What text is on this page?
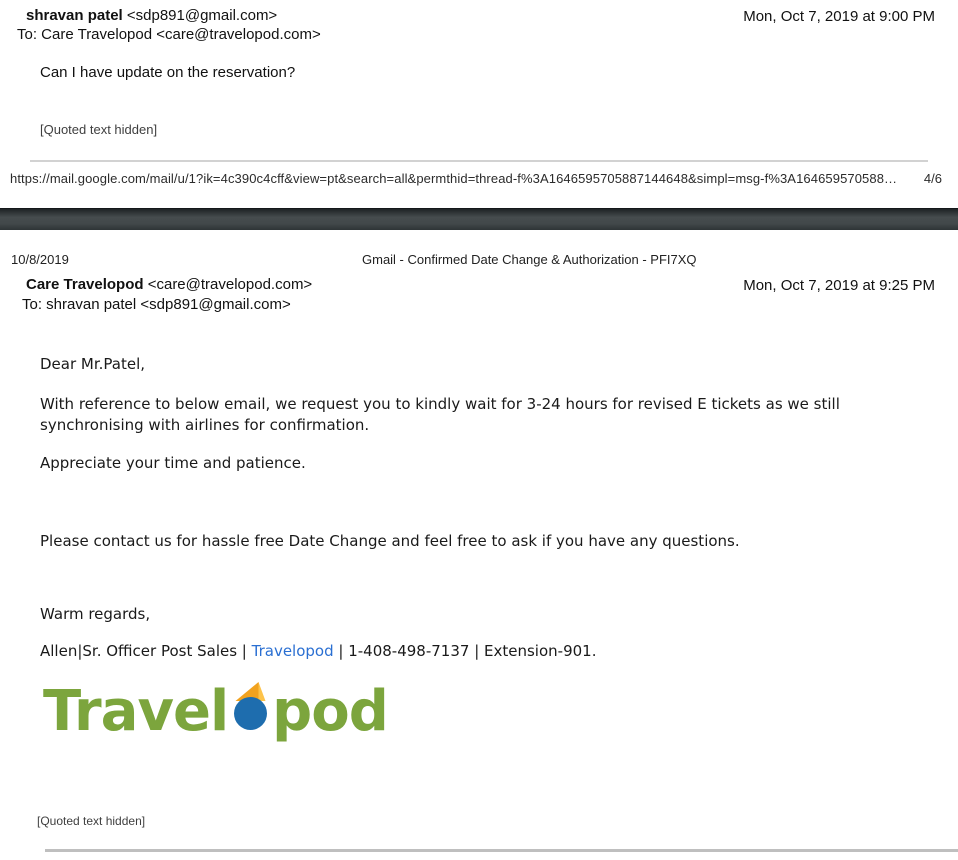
shravan patel <sdp891@gmail.com>	Mon, Oct 7, 2019 at 9:00 PM
To: Care Travelopod <care@travelopod.com>
Can I have update on the reservation?
[Quoted text hidden]
https://mail.google.com/mail/u/1?ik=4c390c4cff&view=pt&search=all&permthid=thread-f%3A1646595705887144648&simpl=msg-f%3A164659570588… 4/6
10/8/2019	Gmail - Confirmed Date Change & Authorization - PFI7XQ
Care Travelopod <care@travelopod.com>	Mon, Oct 7, 2019 at 9:25 PM
To: shravan patel <sdp891@gmail.com>
Dear Mr.Patel,
With reference to below email, we request you to kindly wait for 3-24 hours for revised E tickets as we still synchronising with airlines for confirmation.
Appreciate your time and patience.
Please contact us for hassle free Date Change and feel free to ask if you have any questions.
Warm regards,
Allen|Sr. Officer Post Sales | Travelopod | 1-408-498-7137 | Extension-901.
Travel pod
[Quoted text hidden]
